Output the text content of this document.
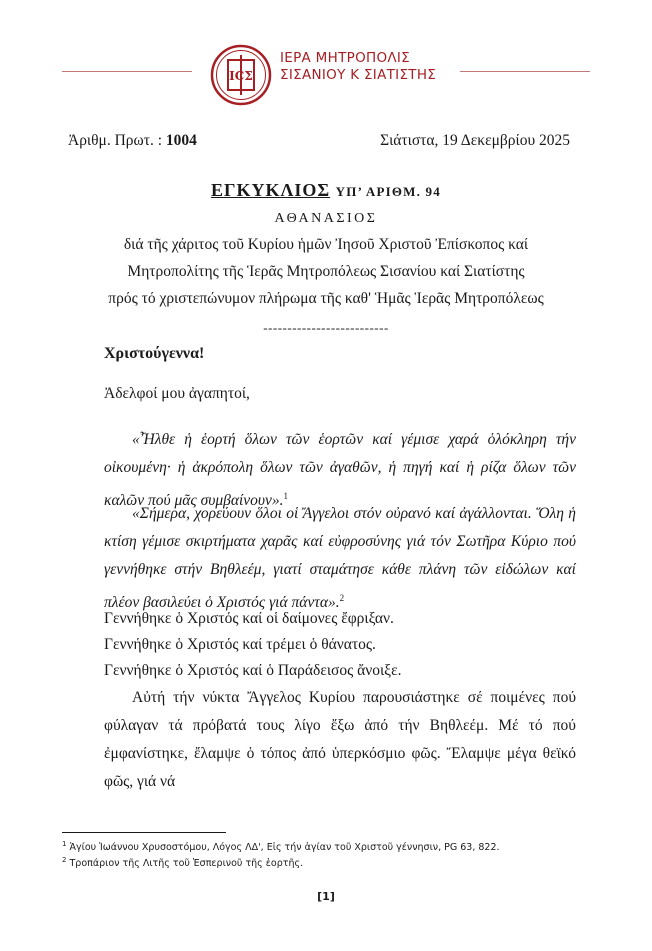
ΙCΣ
ΙΕΡΑ ΜΗΤΡΟΠΟΛΙΣ
ΣΙΣΑΝΙΟΥ Κ ΣΙΑΤΙΣΤΗΣ
Ἀριθμ. Πρωτ. : 1004	Σιάτιστα, 19 Δεκεμβρίου 2025
ΕΓΚΥΚΛΙΟΣ ΥΠ’ ΑΡΙΘΜ. 94
ΑΘΑΝΑΣΙΟΣ
διά τῆς χάριτος τοῦ Κυρίου ἡμῶν Ἰησοῦ Χριστοῦ Ἐπίσκοπος καί
Μητροπολίτης τῆς Ἱερᾶς Μητροπόλεως Σισανίου καί Σιατίστης
πρός τό χριστεπώνυμον πλήρωμα τῆς καθ' Ἡμᾶς Ἱερᾶς Μητροπόλεως
--------------------------
Χριστούγεννα!
Ἀδελφοί μου ἀγαπητοί,
«Ἦλθε ἡ ἑορτή ὅλων τῶν ἑορτῶν καί γέμισε χαρά ὁλόκληρη τήν οἰκουμένη· ἡ ἀκρόπολη ὅλων τῶν ἀγαθῶν, ἡ πηγή καί ἡ ρίζα ὅλων τῶν καλῶν πού μᾶς συμβαίνουν».$^1$
«Σήμερα, χορεύουν ὅλοι οἱ Ἄγγελοι στόν οὐρανό καί ἀγάλλονται. Ὅλη ἡ κτίση γέμισε σκιρτήματα χαρᾶς καί εὐφροσύνης γιά τόν Σωτῆρα Κύριο πού γεννήθηκε στήν Βηθλεέμ, γιατί σταμάτησε κάθε πλάνη τῶν εἰδώλων καί πλέον βασιλεύει ὁ Χριστός γιά πάντα».$^2$
Γεννήθηκε ὁ Χριστός καί οἱ δαίμονες ἔφριξαν.
Γεννήθηκε ὁ Χριστός καί τρέμει ὁ θάνατος.
Γεννήθηκε ὁ Χριστός καί ὁ Παράδεισος ἄνοιξε.
Αὐτή τήν νύκτα Ἄγγελος Κυρίου παρουσιάστηκε σέ ποιμένες πού φύλαγαν τά πρόβατά τους λίγο ἔξω ἀπό τήν Βηθλεέμ. Μέ τό πού ἐμφανίστηκε, ἔλαμψε ὁ τόπος ἀπό ὑπερκόσμιο φῶς. Ἔλαμψε μέγα θεϊκό φῶς, γιά νά
$^1$ Ἁγίου Ἰωάννου Χρυσοστόμου, Λόγος ΛΔ', Εἰς τήν ἁγίαν τοῦ Χριστοῦ γέννησιν, PG 63, 822.
$^2$ Τροπάριον τῆς Λιτῆς τοῦ Ἑσπερινοῦ τῆς ἑορτῆς.
[1]
